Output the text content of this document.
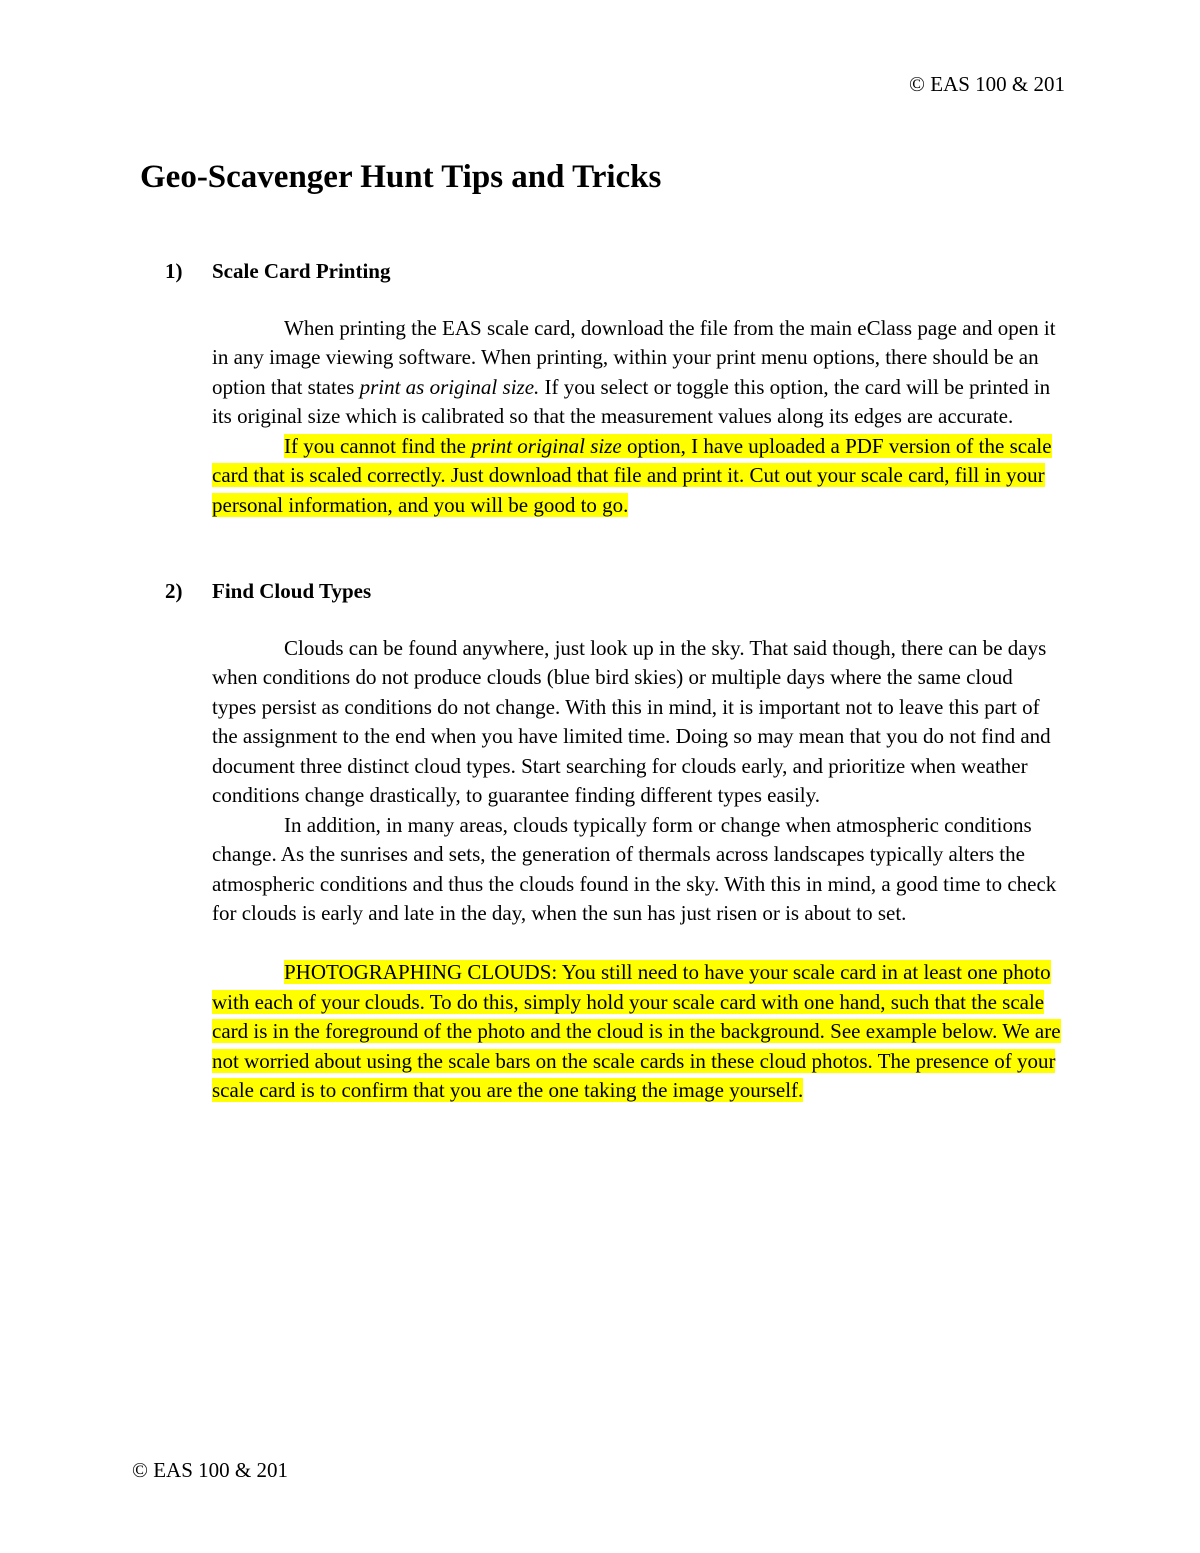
© EAS 100 & 201
Geo-Scavenger Hunt Tips and Tricks
1)	Scale Card Printing

When printing the EAS scale card, download the file from the main eClass page and open it in any image viewing software. When printing, within your print menu options, there should be an option that states print as original size. If you select or toggle this option, the card will be printed in its original size which is calibrated so that the measurement values along its edges are accurate.

If you cannot find the print original size option, I have uploaded a PDF version of the scale card that is scaled correctly. Just download that file and print it. Cut out your scale card, fill in your personal information, and you will be good to go.

2)	Find Cloud Types

Clouds can be found anywhere, just look up in the sky. That said though, there can be days when conditions do not produce clouds (blue bird skies) or multiple days where the same cloud types persist as conditions do not change. With this in mind, it is important not to leave this part of the assignment to the end when you have limited time. Doing so may mean that you do not find and document three distinct cloud types. Start searching for clouds early, and prioritize when weather conditions change drastically, to guarantee finding different types easily.

In addition, in many areas, clouds typically form or change when atmospheric conditions change. As the sunrises and sets, the generation of thermals across landscapes typically alters the atmospheric conditions and thus the clouds found in the sky. With this in mind, a good time to check for clouds is early and late in the day, when the sun has just risen or is about to set.

PHOTOGRAPHING CLOUDS: You still need to have your scale card in at least one photo with each of your clouds. To do this, simply hold your scale card with one hand, such that the scale card is in the foreground of the photo and the cloud is in the background. See example below. We are not worried about using the scale bars on the scale cards in these cloud photos. The presence of your scale card is to confirm that you are the one taking the image yourself.

© EAS 100 & 201
